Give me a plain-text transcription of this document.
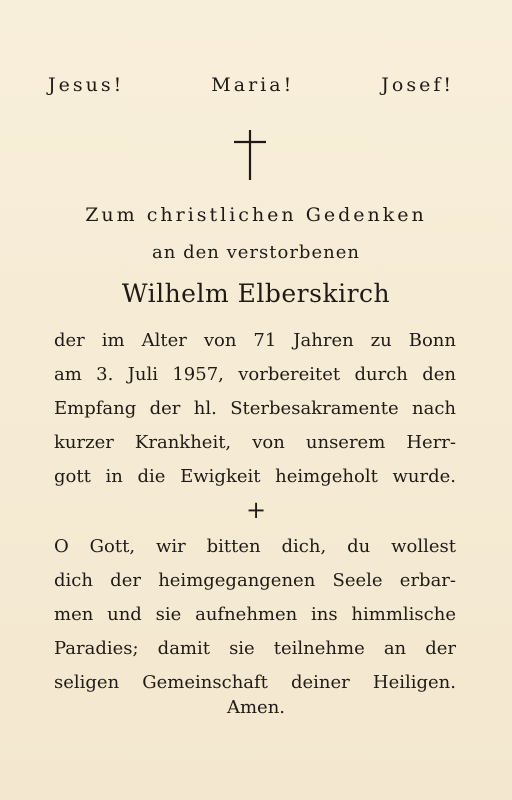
Jesus!	Maria!	Josef!
Zum christlichen Gedenken
an den verstorbenen
Wilhelm Elberskirch
der im Alter von 71 Jahren zu Bonn
am 3. Juli 1957, vorbereitet durch den
Empfang der hl. Sterbesakramente nach
kurzer Krankheit, von unserem Herr-
gott in die Ewigkeit heimgeholt wurde.
+
O Gott, wir bitten dich, du wollest
dich der heimgegangenen Seele erbar-
men und sie aufnehmen ins himmlische
Paradies; damit sie teilnehme an der
seligen Gemeinschaft deiner Heiligen.
Amen.
